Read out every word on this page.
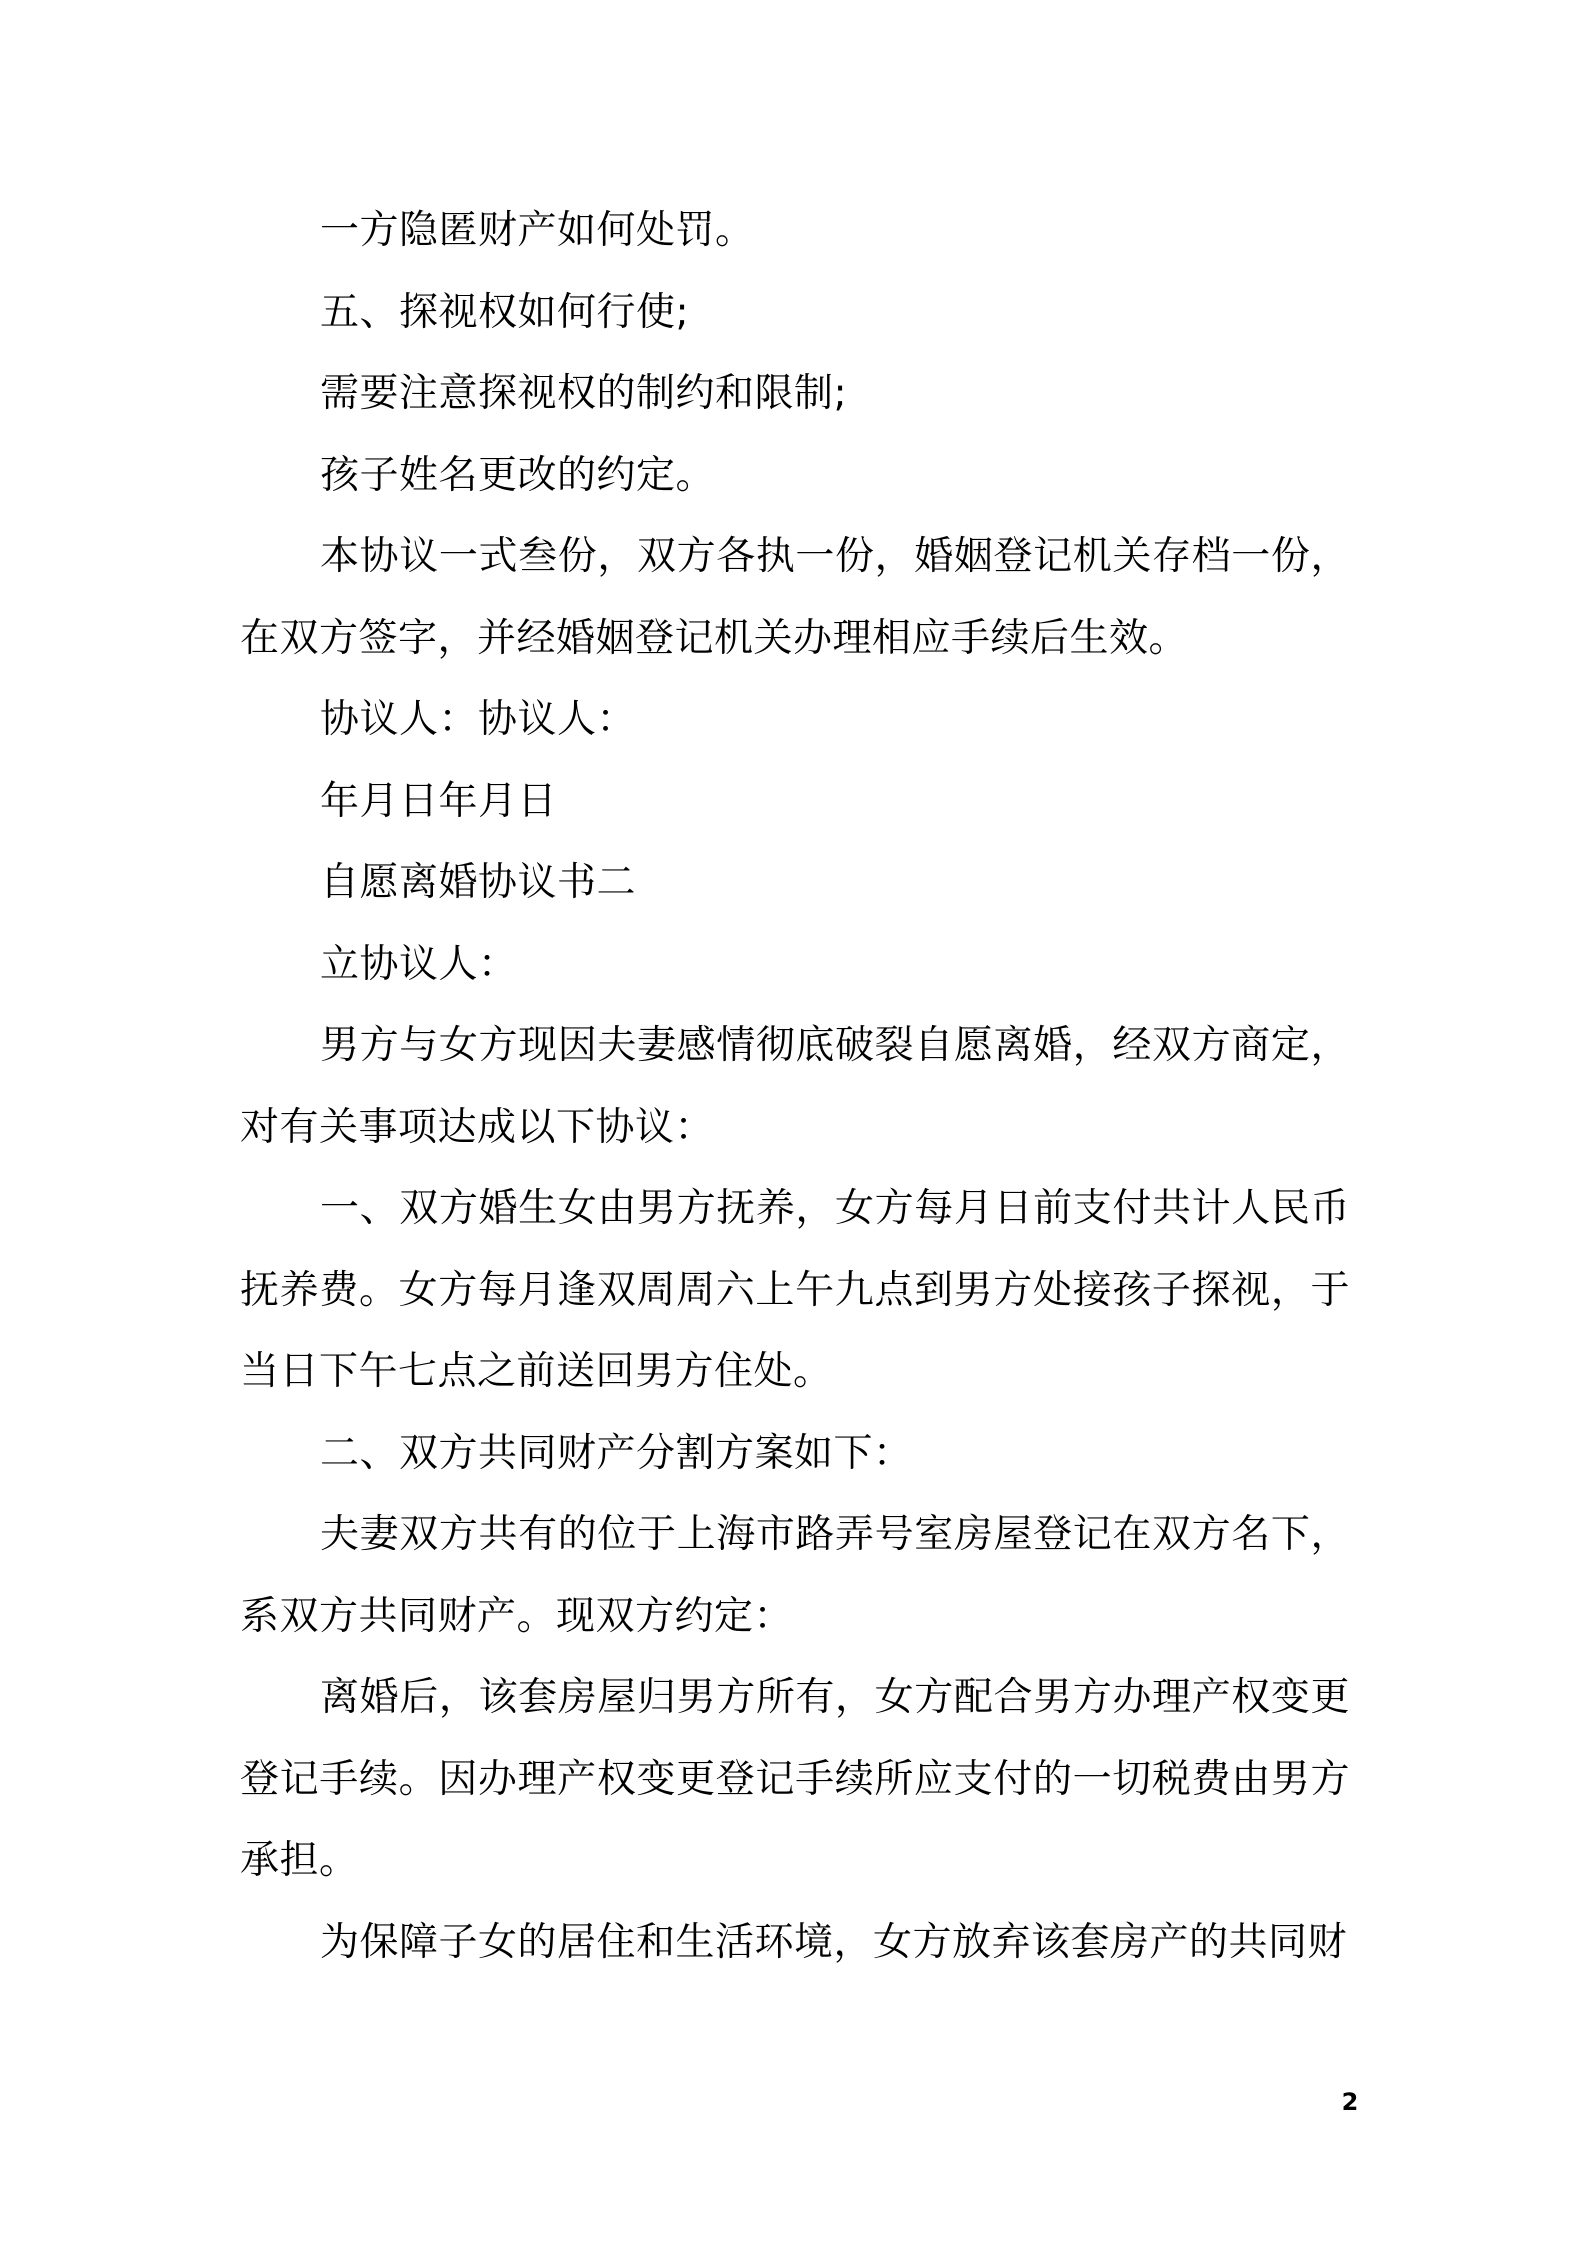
一方隐匿财产如何处罚。

五、探视权如何行使;

需要注意探视权的制约和限制;

孩子姓名更改的约定。

本协议一式叁份，双方各执一份，婚姻登记机关存档一份，在双方签字，并经婚姻登记机关办理相应手续后生效。

协议人：协议人：

年月日年月日

自愿离婚协议书二

立协议人：

男方与女方现因夫妻感情彻底破裂自愿离婚，经双方商定，对有关事项达成以下协议：

一、双方婚生女由男方抚养，女方每月日前支付共计人民币抚养费。女方每月逢双周周六上午九点到男方处接孩子探视，于当日下午七点之前送回男方住处。

二、双方共同财产分割方案如下：

夫妻双方共有的位于上海市路弄号室房屋登记在双方名下，系双方共同财产。现双方约定：

离婚后，该套房屋归男方所有，女方配合男方办理产权变更登记手续。因办理产权变更登记手续所应支付的一切税费由男方承担。

为保障子女的居住和生活环境，女方放弃该套房产的共同财

2
